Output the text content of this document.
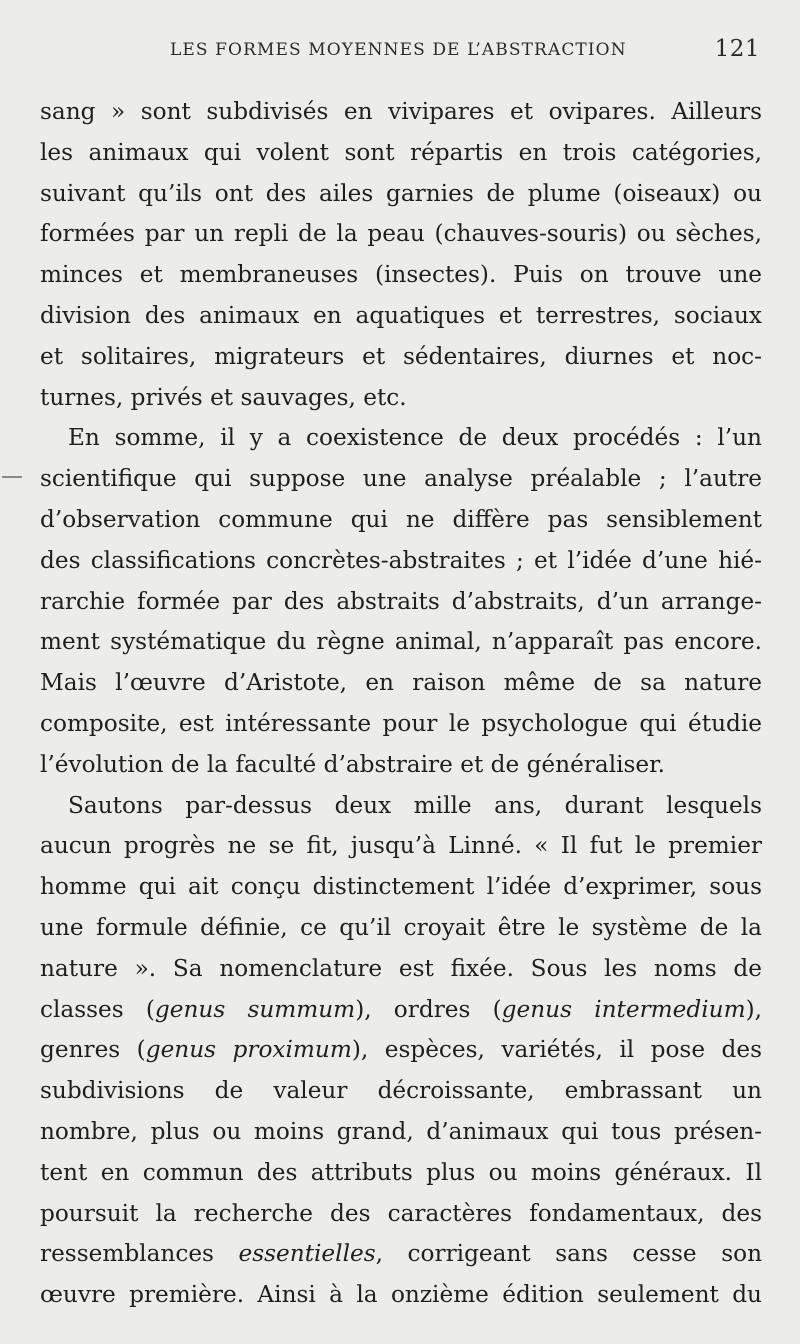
LES FORMES MOYENNES DE L’ABSTRACTION	121
sang » sont subdivisés en vivipares et ovipares. Ailleurs
les animaux qui volent sont répartis en trois catégories,
suivant qu’ils ont des ailes garnies de plume (oiseaux) ou
formées par un repli de la peau (chauves-souris) ou sèches,
minces et membraneuses (insectes). Puis on trouve une
division des animaux en aquatiques et terrestres, sociaux
et solitaires, migrateurs et sédentaires, diurnes et noc-
turnes, privés et sauvages, etc.
En somme, il y a coexistence de deux procédés : l’un
scientifique qui suppose une analyse préalable ; l’autre
d’observation commune qui ne diffère pas sensiblement
des classifications concrètes-abstraites ; et l’idée d’une hié-
rarchie formée par des abstraits d’abstraits, d’un arrange-
ment systématique du règne animal, n’apparaît pas encore.
Mais l’œuvre d’Aristote, en raison même de sa nature
composite, est intéressante pour le psychologue qui étudie
l’évolution de la faculté d’abstraire et de généraliser.
Sautons par-dessus deux mille ans, durant lesquels
aucun progrès ne se fit, jusqu’à Linné. « Il fut le premier
homme qui ait conçu distinctement l’idée d’exprimer, sous
une formule définie, ce qu’il croyait être le système de la
nature ». Sa nomenclature est fixée. Sous les noms de
classes (genus summum), ordres (genus intermedium),
genres (genus proximum), espèces, variétés, il pose des
subdivisions de valeur décroissante, embrassant un
nombre, plus ou moins grand, d’animaux qui tous présen-
tent en commun des attributs plus ou moins généraux. Il
poursuit la recherche des caractères fondamentaux, des
ressemblances essentielles, corrigeant sans cesse son
œuvre première. Ainsi à la onzième édition seulement du
